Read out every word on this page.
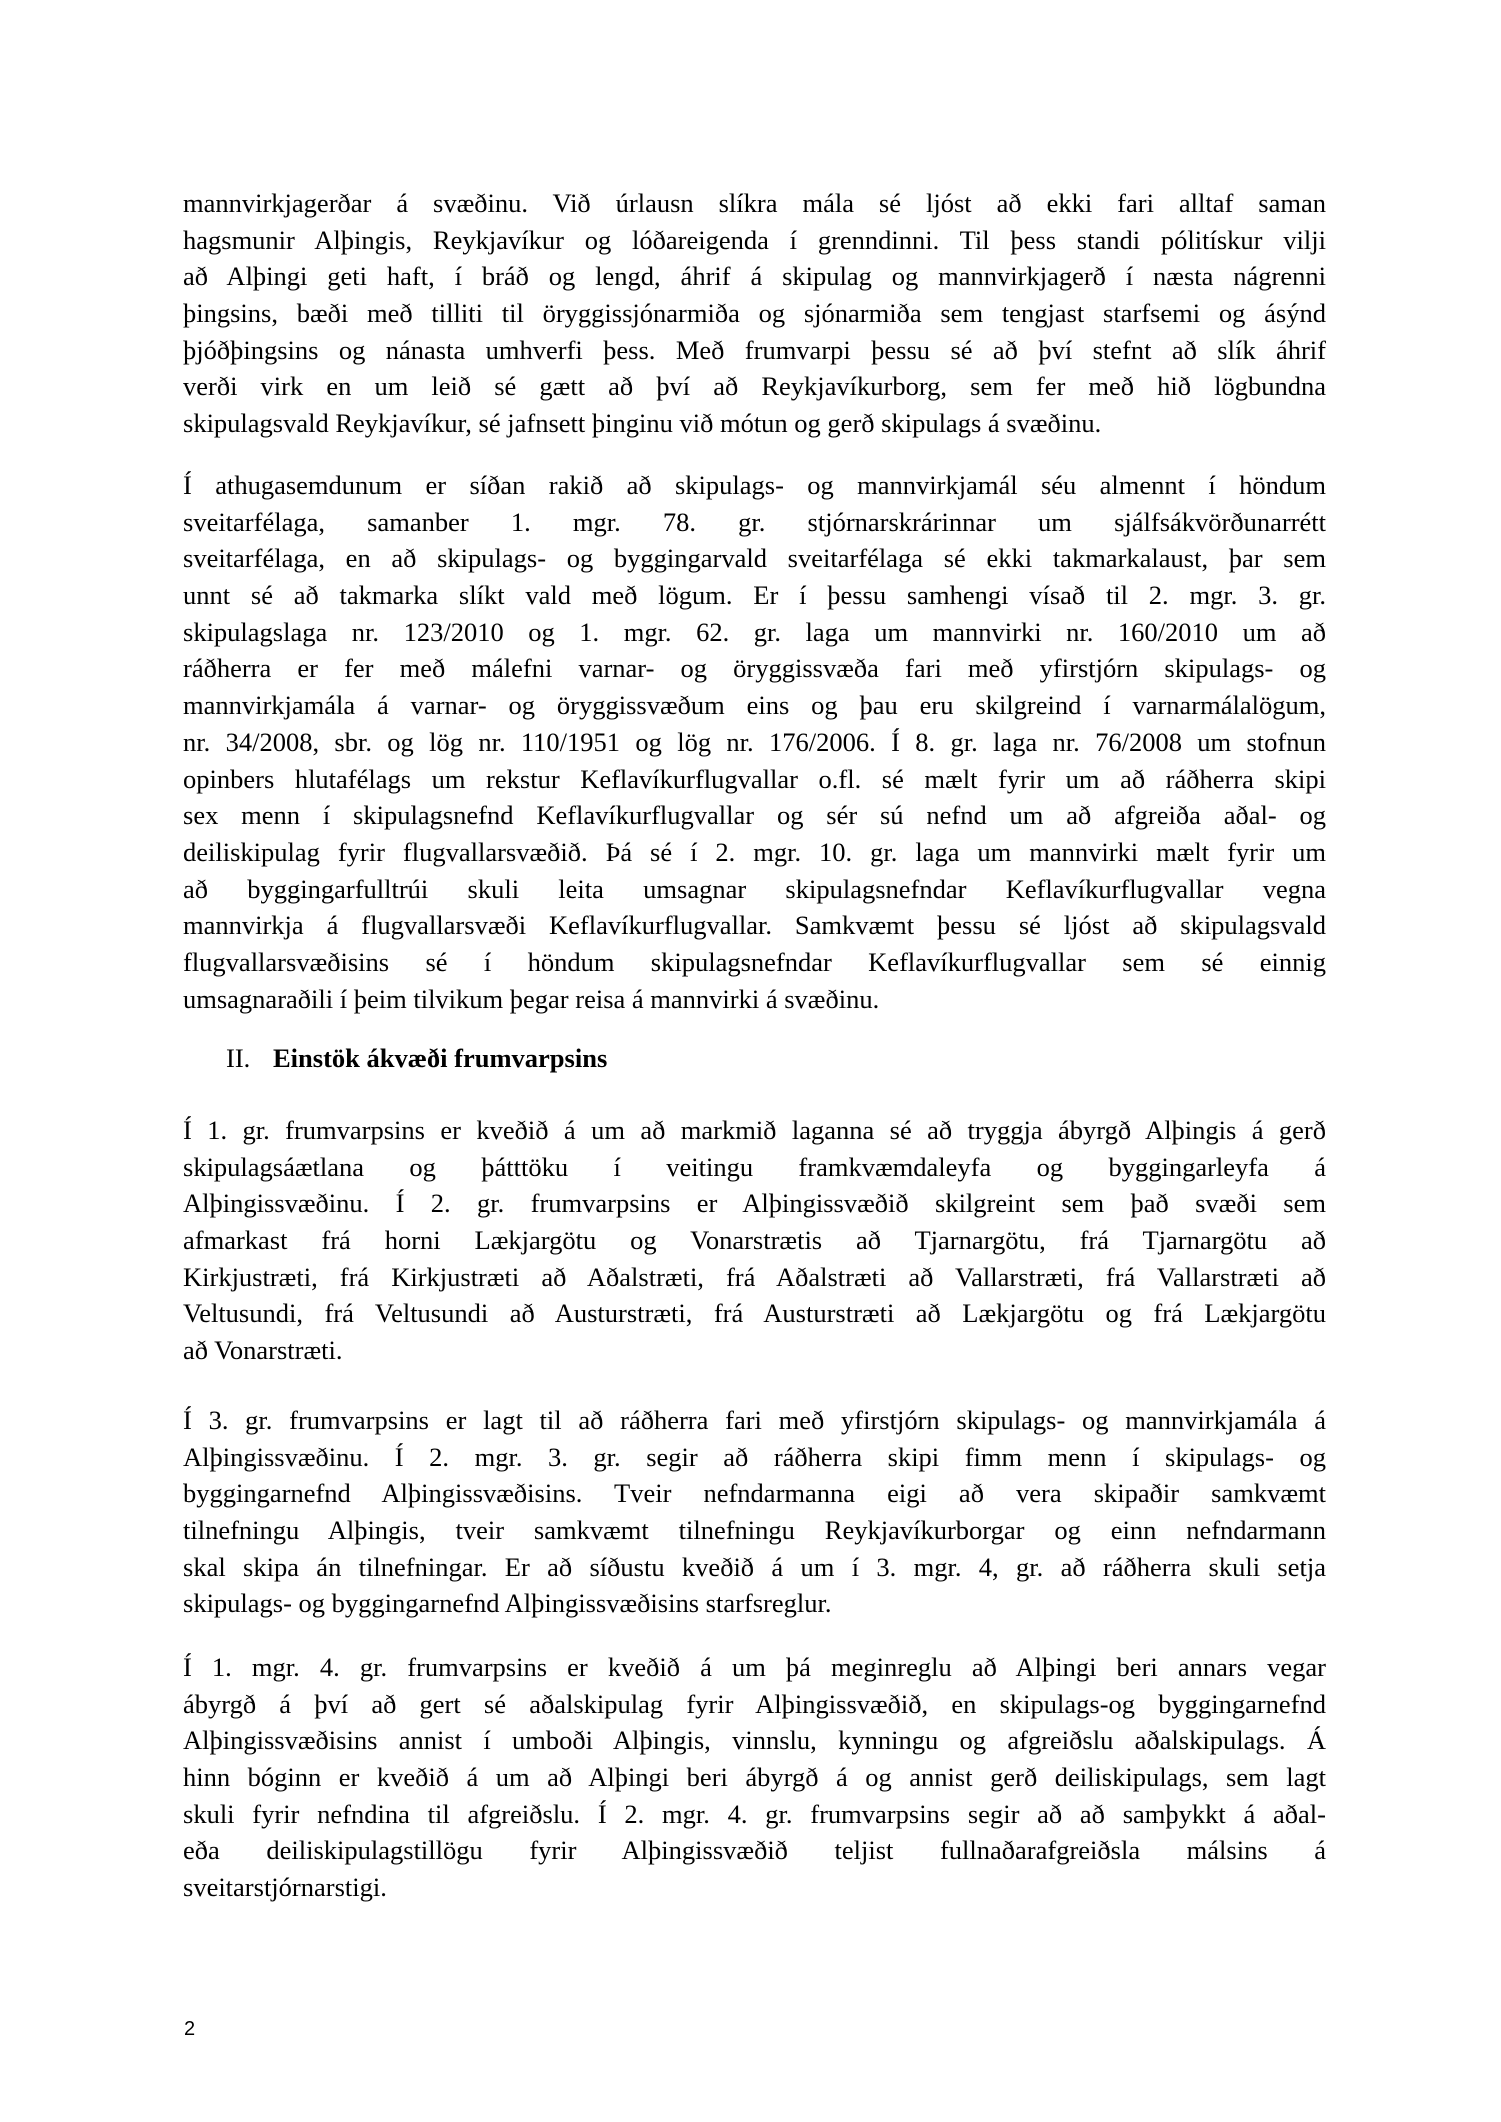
mannvirkjagerðar á svæðinu. Við úrlausn slíkra mála sé ljóst að ekki fari alltaf saman
hagsmunir Alþingis, Reykjavíkur og lóðareigenda í grenndinni. Til þess standi pólitískur vilji
að Alþingi geti haft, í bráð og lengd, áhrif á skipulag og mannvirkjagerð í næsta nágrenni
þingsins, bæði með tilliti til öryggissjónarmiða og sjónarmiða sem tengjast starfsemi og ásýnd
þjóðþingsins og nánasta umhverfi þess. Með frumvarpi þessu sé að því stefnt að slík áhrif
verði virk en um leið sé gætt að því að Reykjavíkurborg, sem fer með hið lögbundna
skipulagsvald Reykjavíkur, sé jafnsett þinginu við mótun og gerð skipulags á svæðinu.
Í athugasemdunum er síðan rakið að skipulags- og mannvirkjamál séu almennt í höndum
sveitarfélaga, samanber 1. mgr. 78. gr. stjórnarskrárinnar um sjálfsákvörðunarrétt
sveitarfélaga, en að skipulags- og byggingarvald sveitarfélaga sé ekki takmarkalaust, þar sem
unnt sé að takmarka slíkt vald með lögum. Er í þessu samhengi vísað til 2. mgr. 3. gr.
skipulagslaga nr. 123/2010 og 1. mgr. 62. gr. laga um mannvirki nr. 160/2010 um að
ráðherra er fer með málefni varnar- og öryggissvæða fari með yfirstjórn skipulags- og
mannvirkjamála á varnar- og öryggissvæðum eins og þau eru skilgreind í varnarmálalögum,
nr. 34/2008, sbr. og lög nr. 110/1951 og lög nr. 176/2006. Í 8. gr. laga nr. 76/2008 um stofnun
opinbers hlutafélags um rekstur Keflavíkurflugvallar o.fl. sé mælt fyrir um að ráðherra skipi
sex menn í skipulagsnefnd Keflavíkurflugvallar og sér sú nefnd um að afgreiða aðal- og
deiliskipulag fyrir flugvallarsvæðið. Þá sé í 2. mgr. 10. gr. laga um mannvirki mælt fyrir um
að byggingarfulltrúi skuli leita umsagnar skipulagsnefndar Keflavíkurflugvallar vegna
mannvirkja á flugvallarsvæði Keflavíkurflugvallar. Samkvæmt þessu sé ljóst að skipulagsvald
flugvallarsvæðisins sé í höndum skipulagsnefndar Keflavíkurflugvallar sem sé einnig
umsagnaraðili í þeim tilvikum þegar reisa á mannvirki á svæðinu.
II. Einstök ákvæði frumvarpsins
Í 1. gr. frumvarpsins er kveðið á um að markmið laganna sé að tryggja ábyrgð Alþingis á gerð
skipulagsáætlana og þátttöku í veitingu framkvæmdaleyfa og byggingarleyfa á
Alþingissvæðinu. Í 2. gr. frumvarpsins er Alþingissvæðið skilgreint sem það svæði sem
afmarkast frá horni Lækjargötu og Vonarstrætis að Tjarnargötu, frá Tjarnargötu að
Kirkjustræti, frá Kirkjustræti að Aðalstræti, frá Aðalstræti að Vallarstræti, frá Vallarstræti að
Veltusundi, frá Veltusundi að Austurstræti, frá Austurstræti að Lækjargötu og frá Lækjargötu
að Vonarstræti.
Í 3. gr. frumvarpsins er lagt til að ráðherra fari með yfirstjórn skipulags- og mannvirkjamála á
Alþingissvæðinu. Í 2. mgr. 3. gr. segir að ráðherra skipi fimm menn í skipulags- og
byggingarnefnd Alþingissvæðisins. Tveir nefndarmanna eigi að vera skipaðir samkvæmt
tilnefningu Alþingis, tveir samkvæmt tilnefningu Reykjavíkurborgar og einn nefndarmann
skal skipa án tilnefningar. Er að síðustu kveðið á um í 3. mgr. 4, gr. að ráðherra skuli setja
skipulags- og byggingarnefnd Alþingissvæðisins starfsreglur.
Í 1. mgr. 4. gr. frumvarpsins er kveðið á um þá meginreglu að Alþingi beri annars vegar
ábyrgð á því að gert sé aðalskipulag fyrir Alþingissvæðið, en skipulags-og byggingarnefnd
Alþingissvæðisins annist í umboði Alþingis, vinnslu, kynningu og afgreiðslu aðalskipulags. Á
hinn bóginn er kveðið á um að Alþingi beri ábyrgð á og annist gerð deiliskipulags, sem lagt
skuli fyrir nefndina til afgreiðslu. Í 2. mgr. 4. gr. frumvarpsins segir að að samþykkt á aðal-
eða deiliskipulagstillögu fyrir Alþingissvæðið teljist fullnaðarafgreiðsla málsins á
sveitarstjórnarstigi.
2
